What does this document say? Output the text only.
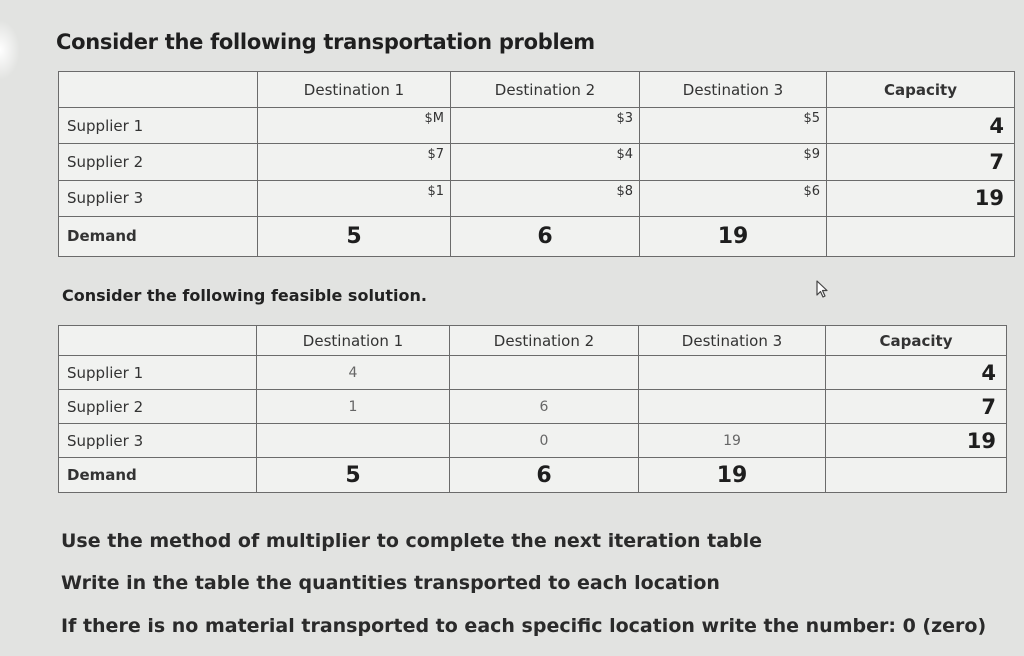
Consider the following transportation problem
	Destination 1	Destination 2	Destination 3	Capacity
Supplier 1	$M	$3	$5	4
Supplier 2	$7	$4	$9	7
Supplier 3	$1	$8	$6	19
Demand	5	6	19	
Consider the following feasible solution.
	Destination 1	Destination 2	Destination 3	Capacity
Supplier 1	4			4
Supplier 2	1	6		7
Supplier 3		0	19	19
Demand	5	6	19	
Use the method of multiplier to complete the next iteration table
Write in the table the quantities transported to each location
If there is no material transported to each specific location write the number: 0 (zero)
